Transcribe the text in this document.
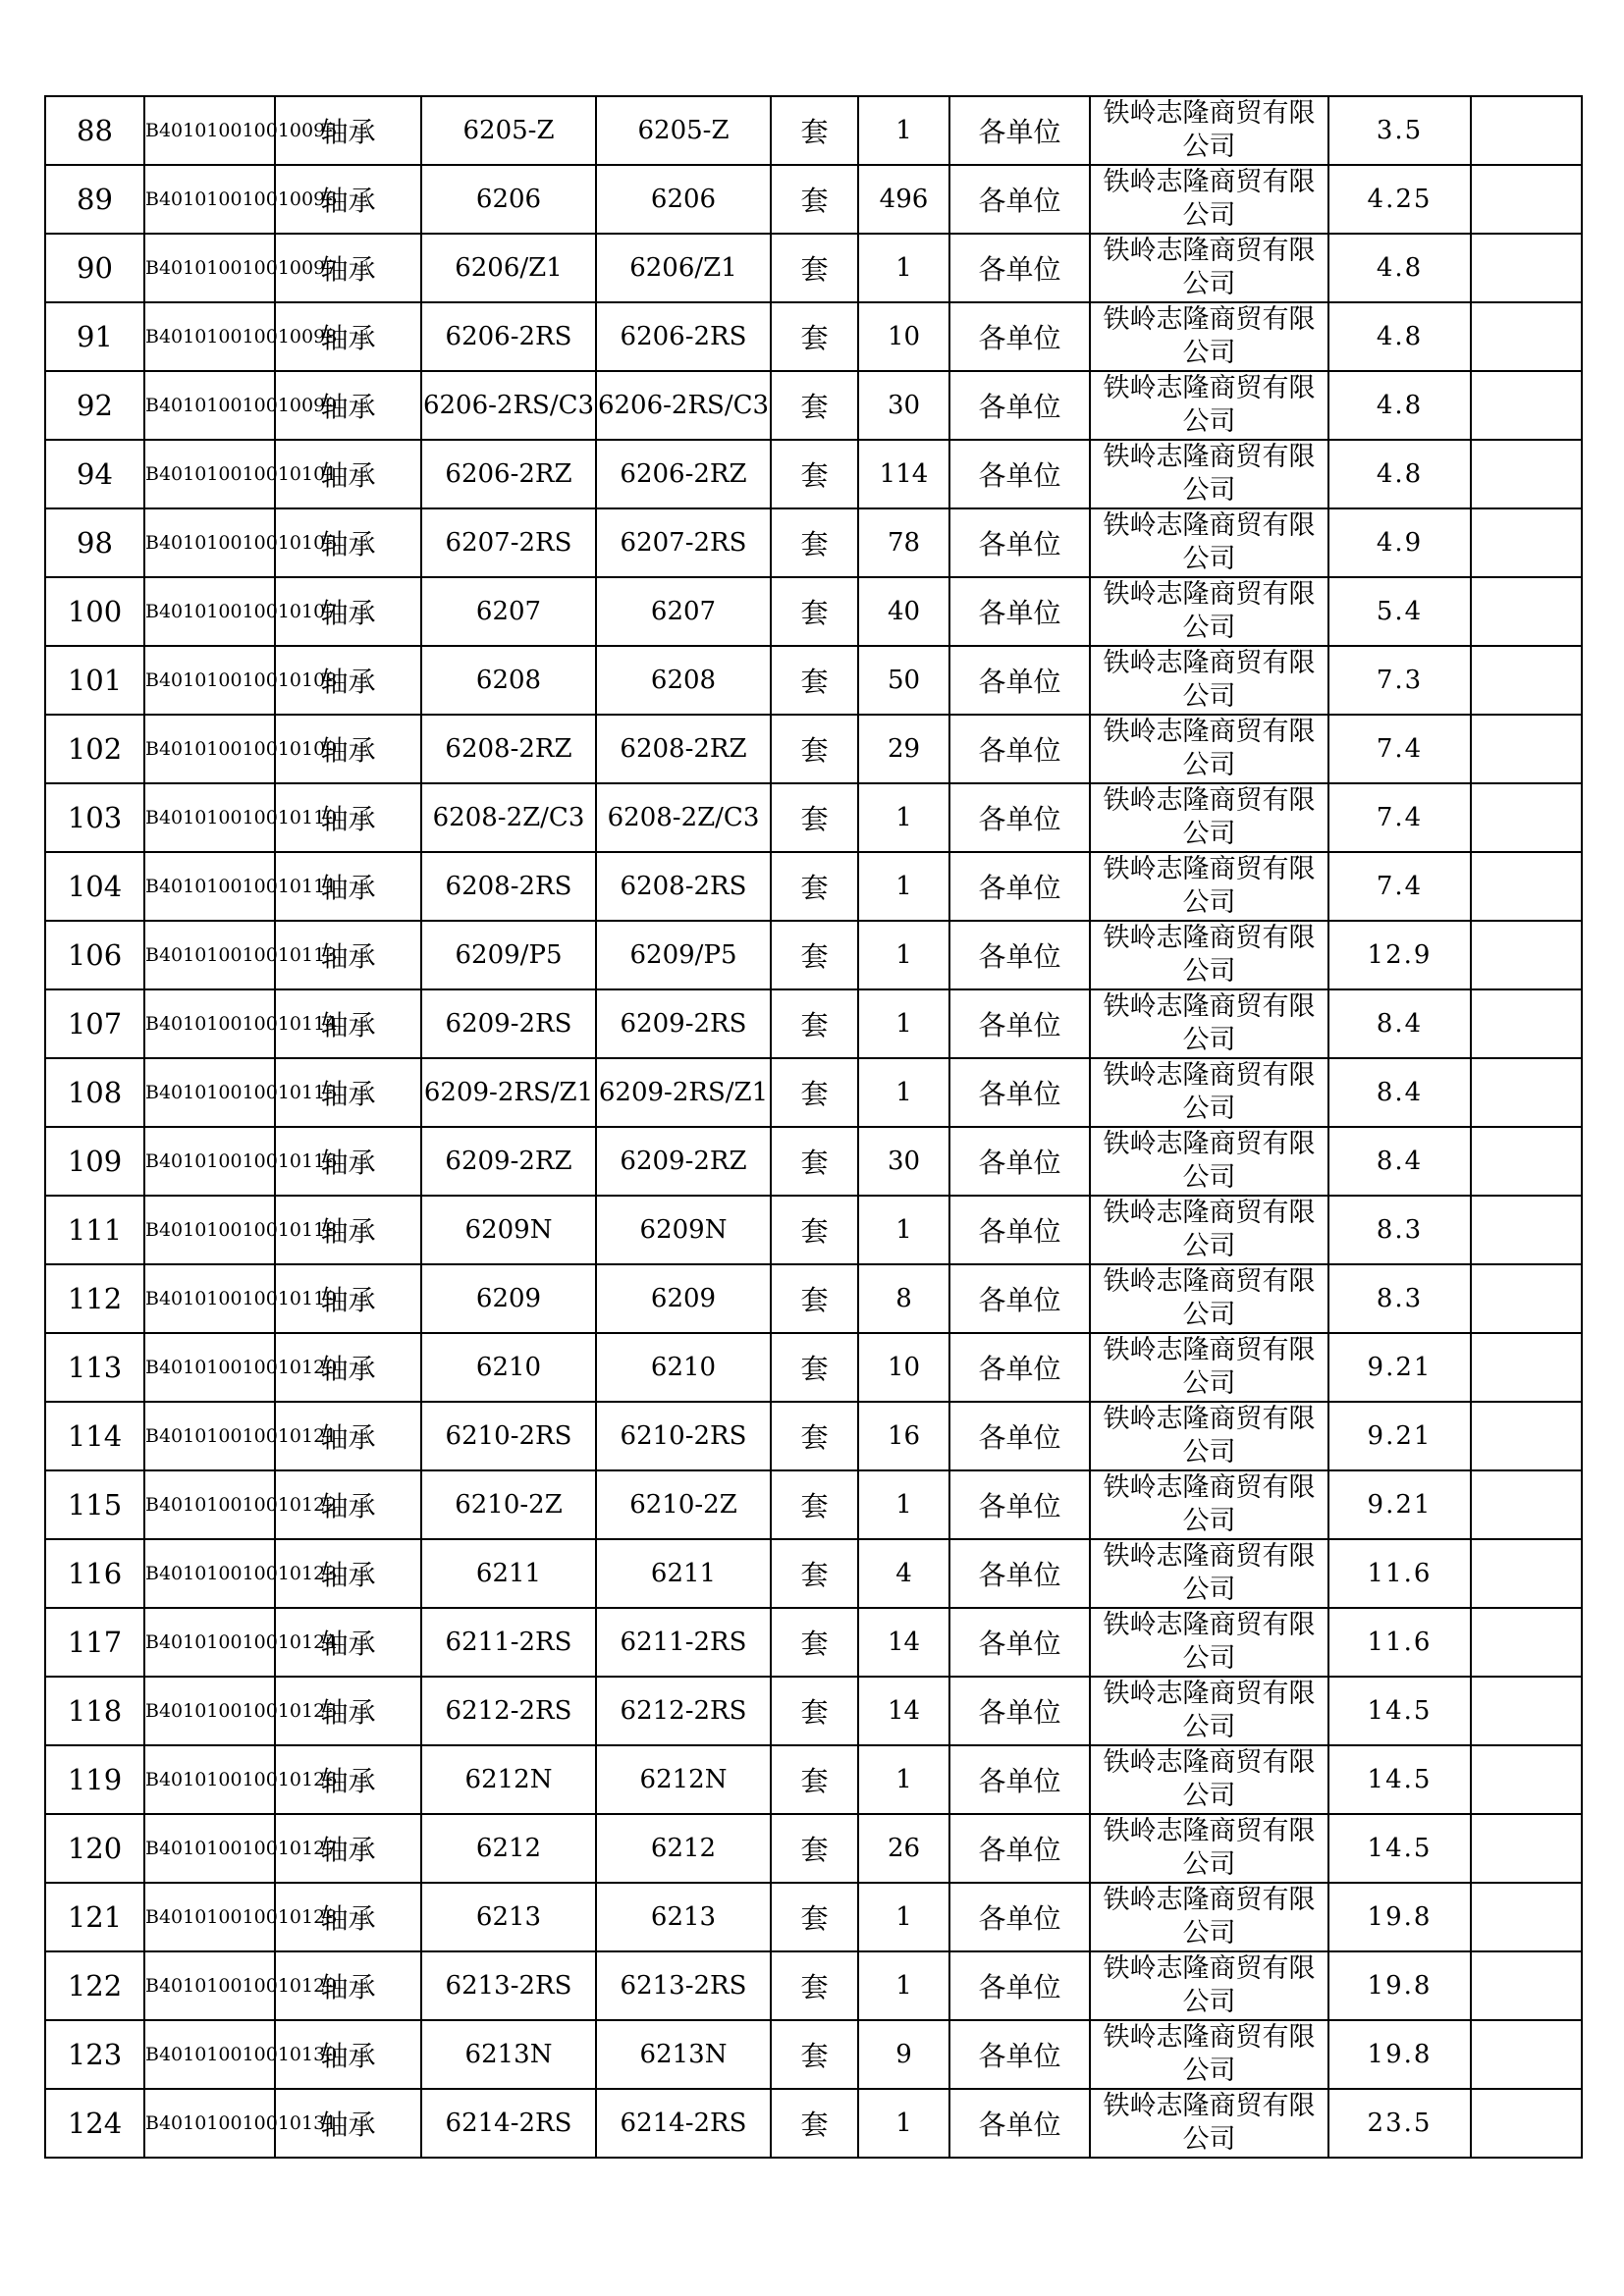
88	B401010010010095	轴承	6205-Z	6205-Z	套	1	各单位	铁岭志隆商贸有限公司	3.5	
89	B401010010010096	轴承	6206	6206	套	496	各单位	铁岭志隆商贸有限公司	4.25	
90	B401010010010097	轴承	6206/Z1	6206/Z1	套	1	各单位	铁岭志隆商贸有限公司	4.8	
91	B401010010010098	轴承	6206-2RS	6206-2RS	套	10	各单位	铁岭志隆商贸有限公司	4.8	
92	B401010010010099	轴承	6206-2RS/C3	6206-2RS/C3	套	30	各单位	铁岭志隆商贸有限公司	4.8	
94	B401010010010101	轴承	6206-2RZ	6206-2RZ	套	114	各单位	铁岭志隆商贸有限公司	4.8	
98	B401010010010105	轴承	6207-2RS	6207-2RS	套	78	各单位	铁岭志隆商贸有限公司	4.9	
100	B401010010010107	轴承	6207	6207	套	40	各单位	铁岭志隆商贸有限公司	5.4	
101	B401010010010108	轴承	6208	6208	套	50	各单位	铁岭志隆商贸有限公司	7.3	
102	B401010010010109	轴承	6208-2RZ	6208-2RZ	套	29	各单位	铁岭志隆商贸有限公司	7.4	
103	B401010010010110	轴承	6208-2Z/C3	6208-2Z/C3	套	1	各单位	铁岭志隆商贸有限公司	7.4	
104	B401010010010111	轴承	6208-2RS	6208-2RS	套	1	各单位	铁岭志隆商贸有限公司	7.4	
106	B401010010010113	轴承	6209/P5	6209/P5	套	1	各单位	铁岭志隆商贸有限公司	12.9	
107	B401010010010114	轴承	6209-2RS	6209-2RS	套	1	各单位	铁岭志隆商贸有限公司	8.4	
108	B401010010010115	轴承	6209-2RS/Z1	6209-2RS/Z1	套	1	各单位	铁岭志隆商贸有限公司	8.4	
109	B401010010010116	轴承	6209-2RZ	6209-2RZ	套	30	各单位	铁岭志隆商贸有限公司	8.4	
111	B401010010010118	轴承	6209N	6209N	套	1	各单位	铁岭志隆商贸有限公司	8.3	
112	B401010010010119	轴承	6209	6209	套	8	各单位	铁岭志隆商贸有限公司	8.3	
113	B401010010010120	轴承	6210	6210	套	10	各单位	铁岭志隆商贸有限公司	9.21	
114	B401010010010121	轴承	6210-2RS	6210-2RS	套	16	各单位	铁岭志隆商贸有限公司	9.21	
115	B401010010010122	轴承	6210-2Z	6210-2Z	套	1	各单位	铁岭志隆商贸有限公司	9.21	
116	B401010010010123	轴承	6211	6211	套	4	各单位	铁岭志隆商贸有限公司	11.6	
117	B401010010010124	轴承	6211-2RS	6211-2RS	套	14	各单位	铁岭志隆商贸有限公司	11.6	
118	B401010010010125	轴承	6212-2RS	6212-2RS	套	14	各单位	铁岭志隆商贸有限公司	14.5	
119	B401010010010126	轴承	6212N	6212N	套	1	各单位	铁岭志隆商贸有限公司	14.5	
120	B401010010010127	轴承	6212	6212	套	26	各单位	铁岭志隆商贸有限公司	14.5	
121	B401010010010128	轴承	6213	6213	套	1	各单位	铁岭志隆商贸有限公司	19.8	
122	B401010010010129	轴承	6213-2RS	6213-2RS	套	1	各单位	铁岭志隆商贸有限公司	19.8	
123	B401010010010130	轴承	6213N	6213N	套	9	各单位	铁岭志隆商贸有限公司	19.8	
124	B401010010010131	轴承	6214-2RS	6214-2RS	套	1	各单位	铁岭志隆商贸有限公司	23.5	
